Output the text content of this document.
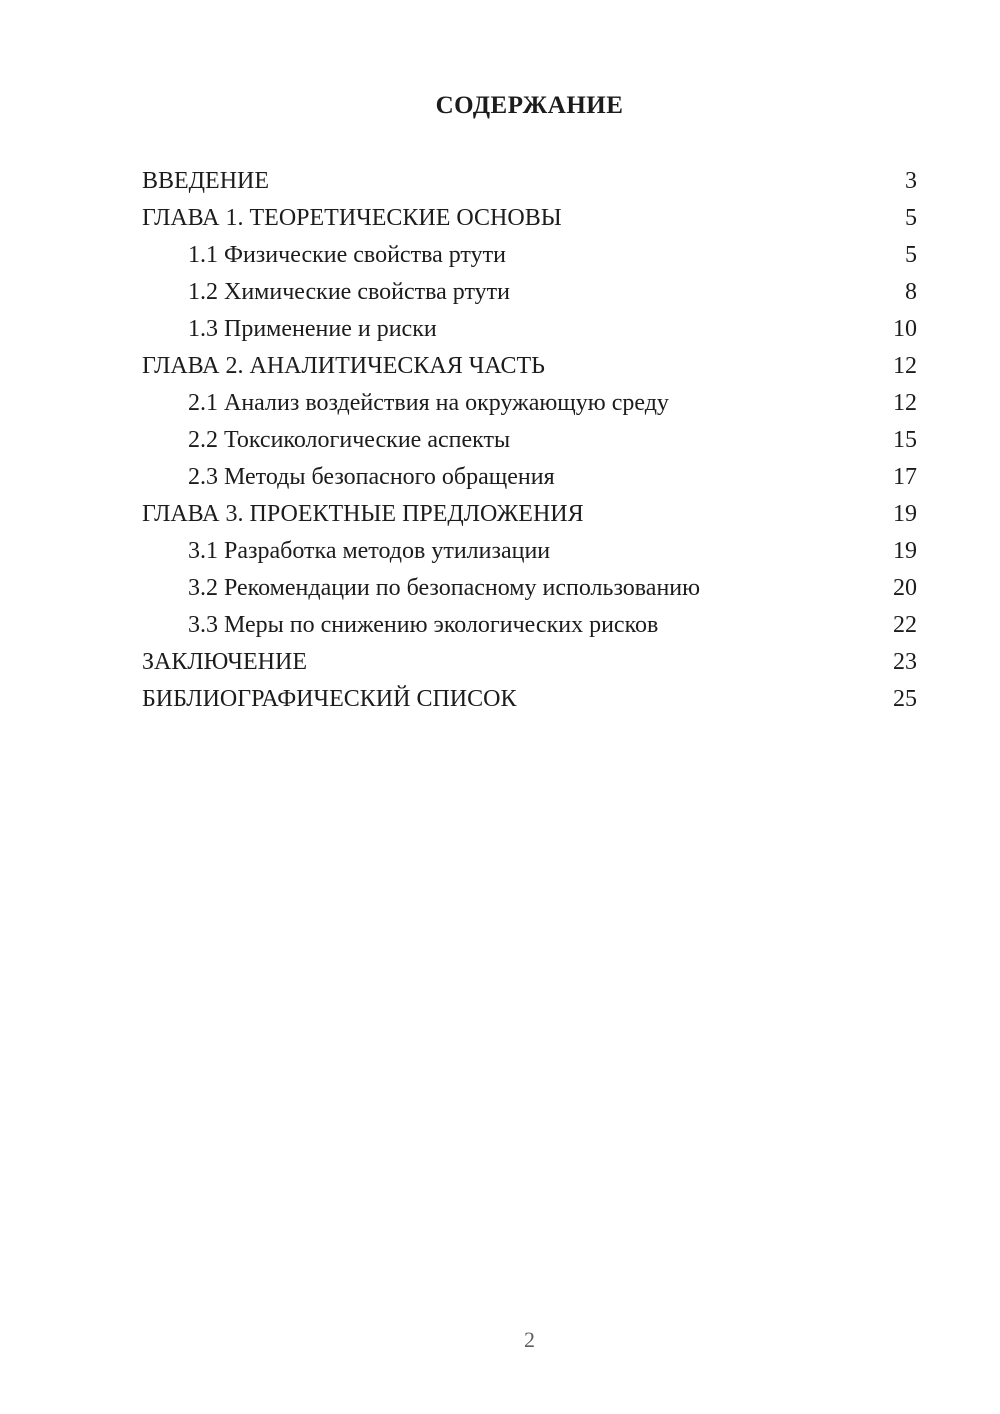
СОДЕРЖАНИЕ
ВВЕДЕНИЕ	3
ГЛАВА 1. ТЕОРЕТИЧЕСКИЕ ОСНОВЫ	5
1.1 Физические свойства ртути	5
1.2 Химические свойства ртути	8
1.3 Применение и риски	10
ГЛАВА 2. АНАЛИТИЧЕСКАЯ ЧАСТЬ	12
2.1 Анализ воздействия на окружающую среду	12
2.2 Токсикологические аспекты	15
2.3 Методы безопасного обращения	17
ГЛАВА 3. ПРОЕКТНЫЕ ПРЕДЛОЖЕНИЯ	19
3.1 Разработка методов утилизации	19
3.2 Рекомендации по безопасному использованию	20
3.3 Меры по снижению экологических рисков	22
ЗАКЛЮЧЕНИЕ	23
БИБЛИОГРАФИЧЕСКИЙ СПИСОК	25
2
